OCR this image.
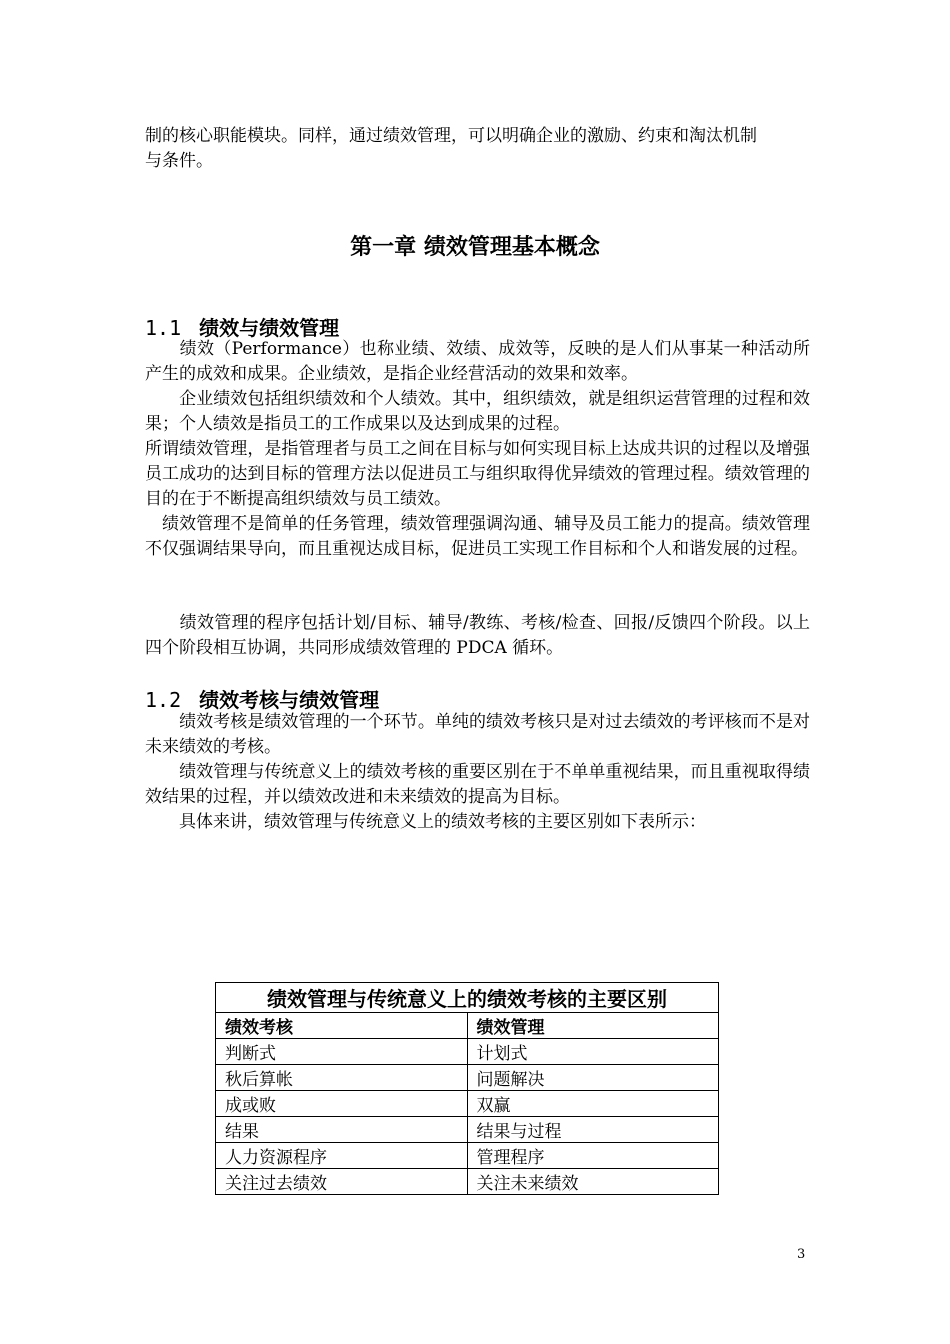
制的核心职能模块。同样，通过绩效管理，可以明确企业的激励、约束和淘汰机制
与条件。

第一章 绩效管理基本概念
1.1 绩效与绩效管理

　　绩效（Performance）也称业绩、效绩、成效等，反映的是人们从事某一种活动所产生的成效和成果。企业绩效，是指企业经营活动的效果和效率。

　　企业绩效包括组织绩效和个人绩效。其中，组织绩效，就是组织运营管理的过程和效果；个人绩效是指员工的工作成果以及达到成果的过程。

所谓绩效管理，是指管理者与员工之间在目标与如何实现目标上达成共识的过程以及增强员工成功的达到目标的管理方法以促进员工与组织取得优异绩效的管理过程。绩效管理的目的在于不断提高组织绩效与员工绩效。

　绩效管理不是简单的任务管理，绩效管理强调沟通、辅导及员工能力的提高。绩效管理不仅强调结果导向，而且重视达成目标，促进员工实现工作目标和个人和谐发展的过程。

　　绩效管理的程序包括计划/目标、辅导/教练、考核/检查、回报/反馈四个阶段。以上四个阶段相互协调，共同形成绩效管理的 PDCA 循环。

1.2 绩效考核与绩效管理

　　绩效考核是绩效管理的一个环节。单纯的绩效考核只是对过去绩效的考评核而不是对未来绩效的考核。

　　绩效管理与传统意义上的绩效考核的重要区别在于不单单重视结果，而且重视取得绩效结果的过程，并以绩效改进和未来绩效的提高为目标。

　　具体来讲，绩效管理与传统意义上的绩效考核的主要区别如下表所示：

绩效管理与传统意义上的绩效考核的主要区别	
绩效考核	绩效管理
判断式	计划式
秋后算帐	问题解决
成或败	双赢
结果	结果与过程
人力资源程序	管理程序
关注过去绩效	关注未来绩效
3
